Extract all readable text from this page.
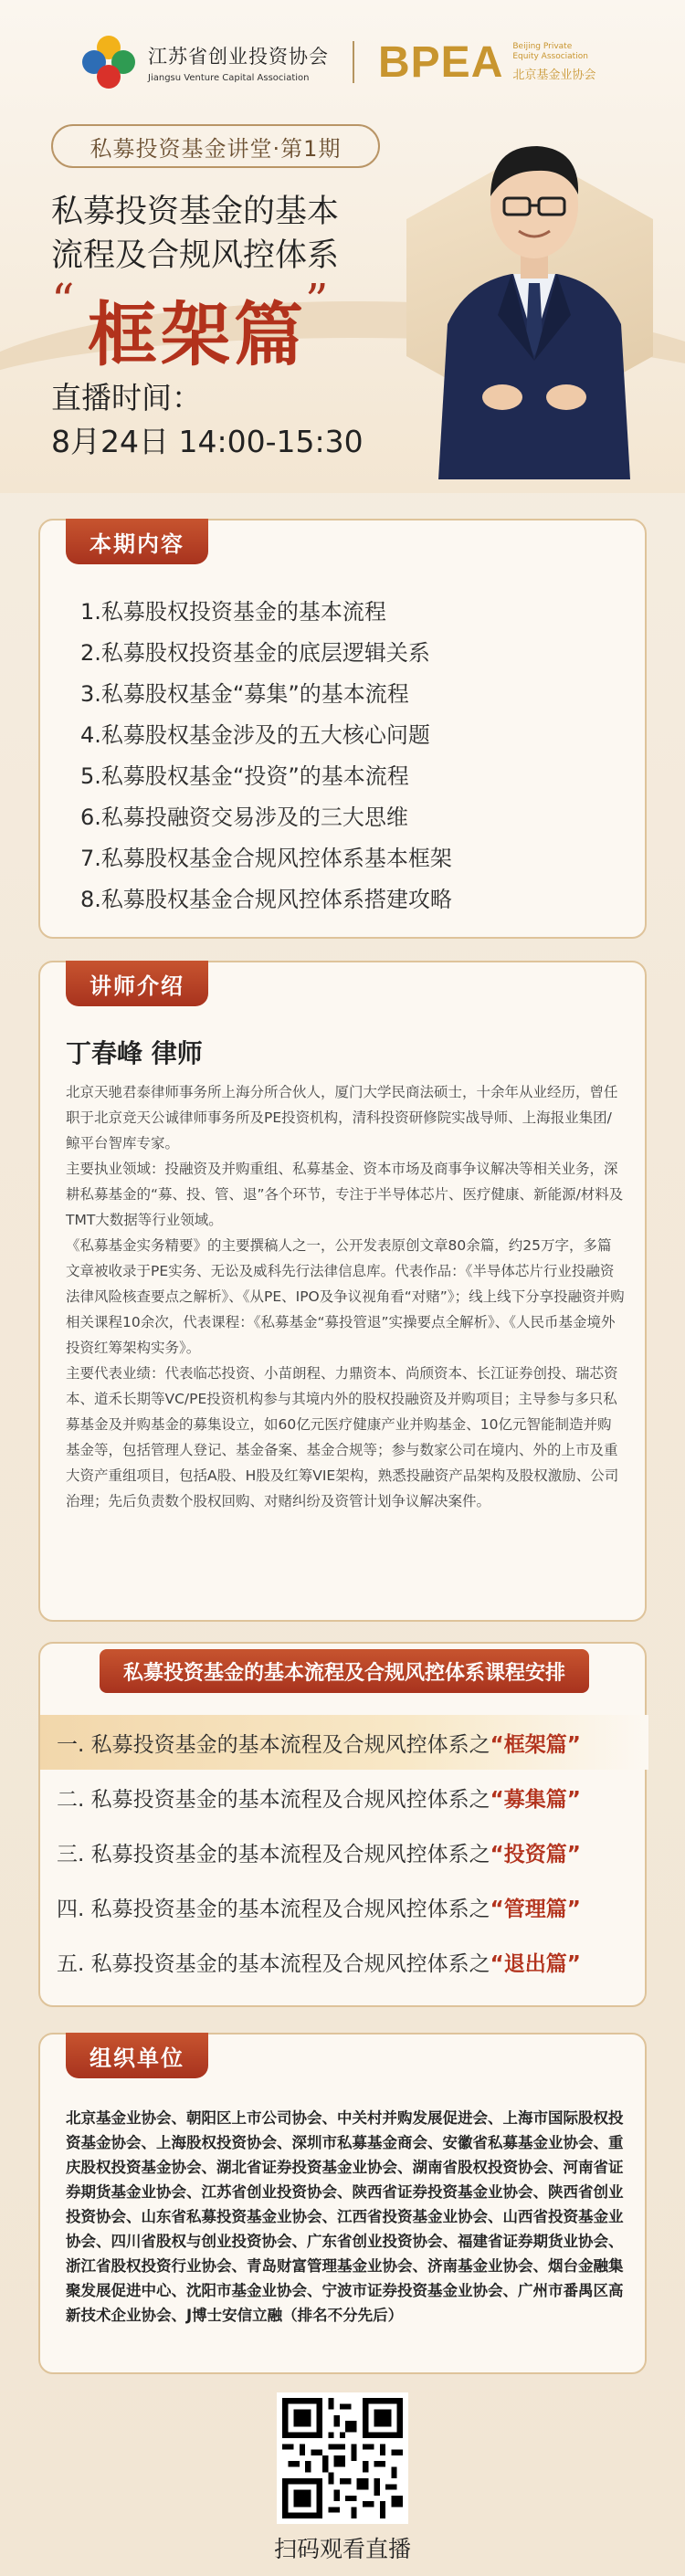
江苏省创业投资协会
Jiangsu Venture Capital Association	BPEA Beijing Private
Equity Association
北京基金业协会
私募投资基金讲堂·第1期
私募投资基金的基本
流程及合规风控体系
“ 框架篇
”
直播时间：
8月24日 14:00-15:30
本期内容
1.私募股权投资基金的基本流程
2.私募股权投资基金的底层逻辑关系
3.私募股权基金“募集”的基本流程
4.私募股权基金涉及的五大核心问题
5.私募股权基金“投资”的基本流程
6.私募投融资交易涉及的三大思维
7.私募股权基金合规风控体系基本框架
8.私募股权基金合规风控体系搭建攻略
讲师介绍
丁春峰 律师

北京天驰君泰律师事务所上海分所合伙人，厦门大学民商法硕士，十余年从业经历，曾任职于北京竞天公诚律师事务所及PE投资机构，清科投资研修院实战导师、上海报业集团/鲸平台智库专家。

主要执业领域：投融资及并购重组、私募基金、资本市场及商事争议解决等相关业务，深耕私募基金的“募、投、管、退”各个环节，专注于半导体芯片、医疗健康、新能源/材料及TMT大数据等行业领域。

《私募基金实务精要》的主要撰稿人之一，公开发表原创文章80余篇，约25万字，多篇文章被收录于PE实务、无讼及威科先行法律信息库。代表作品：《半导体芯片行业投融资法律风险核查要点之解析》、《从PE、IPO及争议视角看“对赌”》；线上线下分享投融资并购相关课程10余次，代表课程：《私募基金“募投管退”实操要点全解析》、《人民币基金境外投资红筹架构实务》。

主要代表业绩：代表临芯投资、小苗朗程、力鼎资本、尚颀资本、长江证券创投、瑞芯资本、道禾长期等VC/PE投资机构参与其境内外的股权投融资及并购项目；主导参与多只私募基金及并购基金的募集设立，如60亿元医疗健康产业并购基金、10亿元智能制造并购基金等，包括管理人登记、基金备案、基金合规等；参与数家公司在境内、外的上市及重大资产重组项目，包括A股、H股及红筹VIE架构，熟悉投融资产品架构及股权激励、公司治理；先后负责数个股权回购、对赌纠纷及资管计划争议解决案件。

私募投资基金的基本流程及合规风控体系课程安排
一. 私募投资基金的基本流程及合规风控体系之 “框架篇”
二. 私募投资基金的基本流程及合规风控体系之 “募集篇”
三. 私募投资基金的基本流程及合规风控体系之 “投资篇”
四. 私募投资基金的基本流程及合规风控体系之 “管理篇”
五. 私募投资基金的基本流程及合规风控体系之 “退出篇”
组织单位
北京基金业协会、朝阳区上市公司协会、中关村并购发展促进会、上海市国际股权投资基金协会、上海股权投资协会、深圳市私募基金商会、安徽省私募基金业协会、重庆股权投资基金协会、湖北省证券投资基金业协会、湖南省股权投资协会、河南省证券期货基金业协会、江苏省创业投资协会、陕西省证券投资基金业协会、陕西省创业投资协会、山东省私募投资基金业协会、江西省投资基金业协会、山西省投资基金业协会、四川省股权与创业投资协会、广东省创业投资协会、福建省证券期货业协会、浙江省股权投资行业协会、青岛财富管理基金业协会、济南基金业协会、烟台金融集聚发展促进中心、沈阳市基金业协会、宁波市证券投资基金业协会、广州市番禺区高新技术企业协会、J博士安信立融（排名不分先后）
扫码观看直播
